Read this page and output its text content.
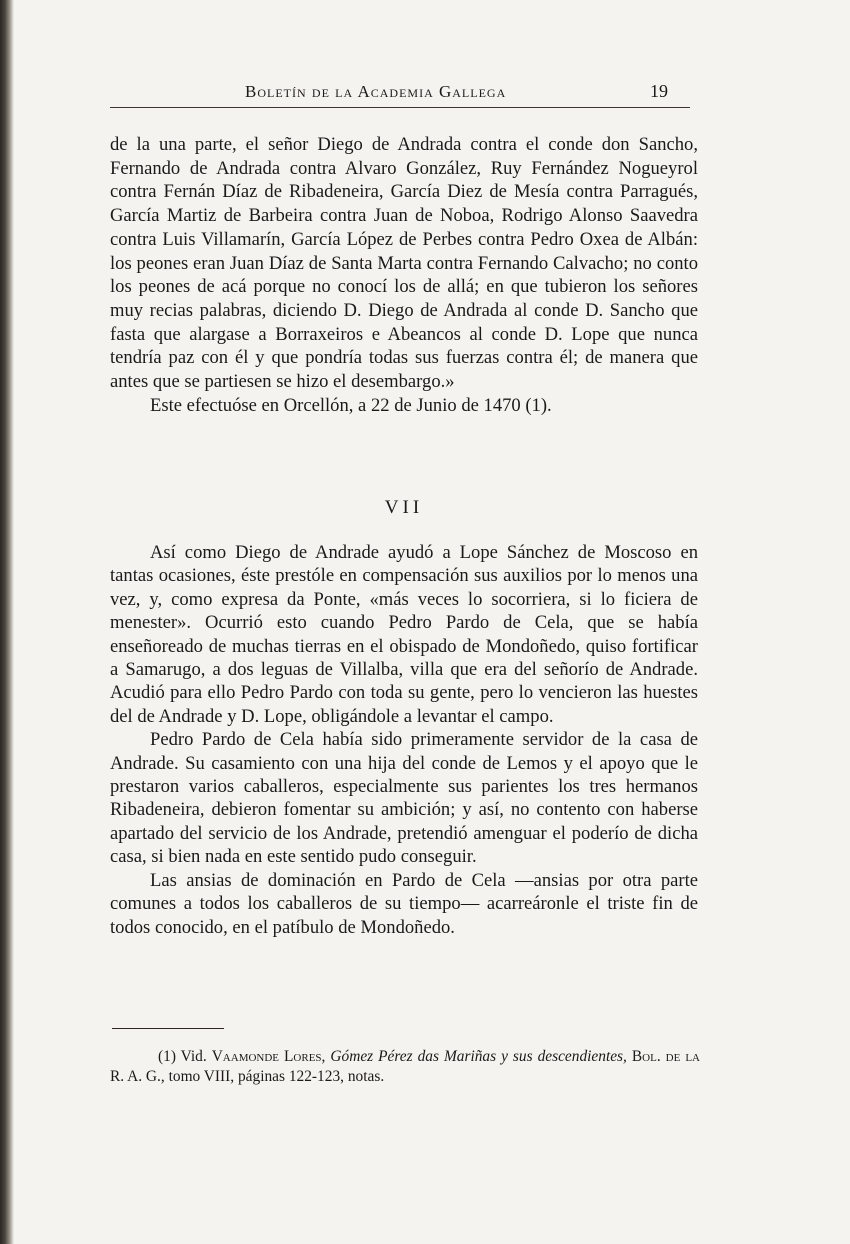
Boletín de la Academia Gallega	19

de la una parte, el señor Diego de Andrada contra el conde don Sancho, Fernando de Andrada contra Alvaro González, Ruy Fernández Nogueyrol contra Fernán Díaz de Ribadeneira, García Diez de Mesía contra Parragués, García Martiz de Barbeira contra Juan de Noboa, Rodrigo Alonso Saavedra contra Luis Villamarín, García López de Perbes contra Pedro Oxea de Albán: los peones eran Juan Díaz de Santa Marta contra Fernando Calvacho; no conto los peones de acá porque no conocí los de allá; en que tubieron los señores muy recias palabras, diciendo D. Diego de Andrada al conde D. Sancho que fasta que alargase a Borraxeiros e Abeancos al conde D. Lope que nunca tendría paz con él y que pondría todas sus fuerzas contra él; de manera que antes que se partiesen se hizo el desembargo.»

Este efectuóse en Orcellón, a 22 de Junio de 1470 (1).

VII

Así como Diego de Andrade ayudó a Lope Sánchez de Moscoso en tantas ocasiones, éste prestóle en compensación sus auxilios por lo menos una vez, y, como expresa da Ponte, «más veces lo socorriera, si lo ficiera de menester». Ocurrió esto cuando Pedro Pardo de Cela, que se había enseñoreado de muchas tierras en el obispado de Mondoñedo, quiso fortificar a Samarugo, a dos leguas de Villalba, villa que era del señorío de Andrade. Acudió para ello Pedro Pardo con toda su gente, pero lo vencieron las huestes del de Andrade y D. Lope, obligándole a levantar el campo.

Pedro Pardo de Cela había sido primeramente servidor de la casa de Andrade. Su casamiento con una hija del conde de Lemos y el apoyo que le prestaron varios caballeros, especialmente sus parientes los tres hermanos Ribadeneira, debieron fomentar su ambición; y así, no contento con haberse apartado del servicio de los Andrade, pretendió amenguar el poderío de dicha casa, si bien nada en este sentido pudo conseguir.

Las ansias de dominación en Pardo de Cela —ansias por otra parte comunes a todos los caballeros de su tiempo— acarreáronle el triste fin de todos conocido, en el patíbulo de Mondoñedo.

(1) Vid. Vaamonde Lores, Gómez Pérez das Mariñas y sus descendientes, Bol. de la R. A. G., tomo VIII, páginas 122-123, notas.
